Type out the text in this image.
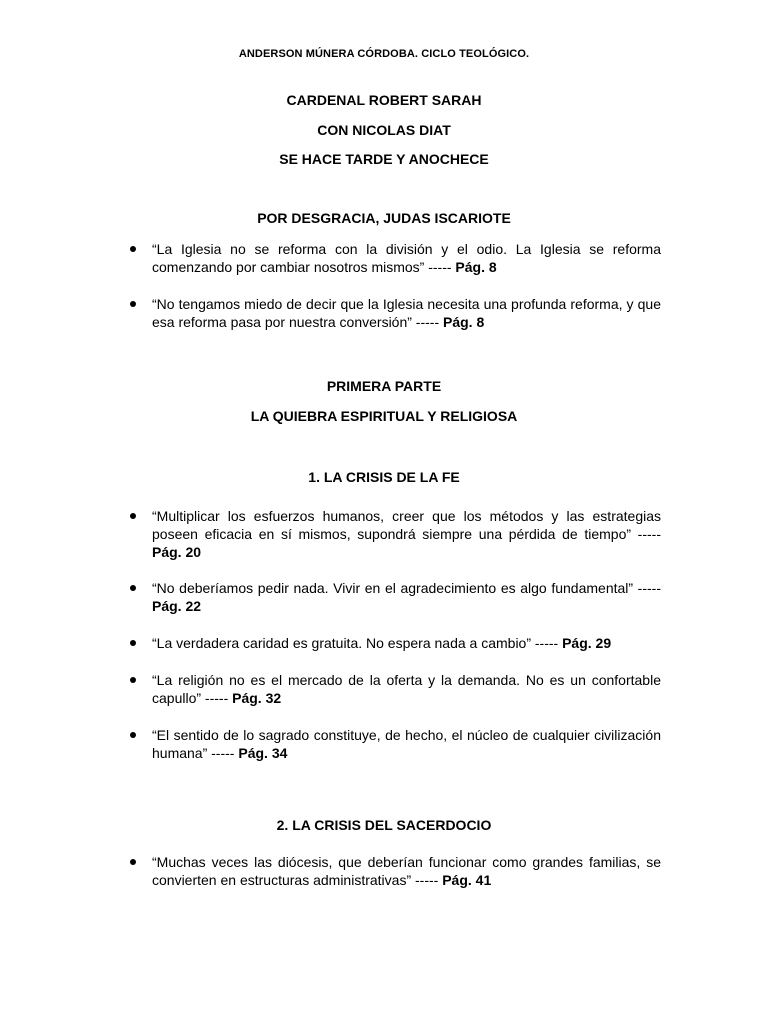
ANDERSON MÚNERA CÓRDOBA. CICLO TEOLÓGICO.
CARDENAL ROBERT SARAH
CON NICOLAS DIAT
SE HACE TARDE Y ANOCHECE
POR DESGRACIA, JUDAS ISCARIOTE
“La Iglesia no se reforma con la división y el odio. La Iglesia se reforma comenzando por cambiar nosotros mismos” ----- Pág. 8
“No tengamos miedo de decir que la Iglesia necesita una profunda reforma, y que esa reforma pasa por nuestra conversión” ----- Pág. 8
PRIMERA PARTE
LA QUIEBRA ESPIRITUAL Y RELIGIOSA
1. LA CRISIS DE LA FE
“Multiplicar los esfuerzos humanos, creer que los métodos y las estrategias poseen eficacia en sí mismos, supondrá siempre una pérdida de tiempo” ----- Pág. 20
“No deberíamos pedir nada. Vivir en el agradecimiento es algo fundamental” ----- Pág. 22
“La verdadera caridad es gratuita. No espera nada a cambio” ----- Pág. 29
“La religión no es el mercado de la oferta y la demanda. No es un confortable capullo” ----- Pág. 32
“El sentido de lo sagrado constituye, de hecho, el núcleo de cualquier civilización humana” ----- Pág. 34
2. LA CRISIS DEL SACERDOCIO
“Muchas veces las diócesis, que deberían funcionar como grandes familias, se convierten en estructuras administrativas” ----- Pág. 41
